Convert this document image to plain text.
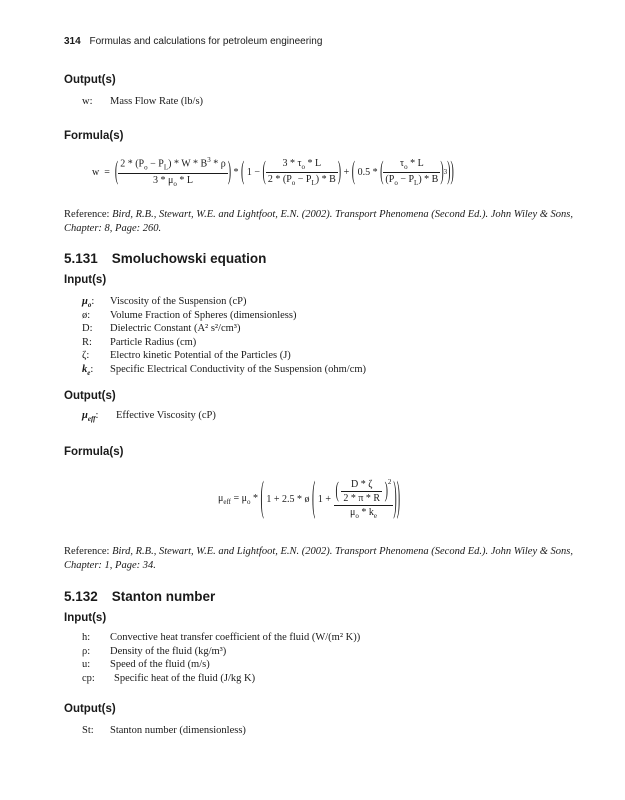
314 Formulas and calculations for petroleum engineering
Output(s)
w: Mass Flow Rate (lb/s)
Formula(s)
w  = ( $\frac{2 * (P_o - P_L) * W * B^3 * \rho}{3 * \mu_o * L}$ ) * ( 1 − ( $\frac{3 * \tau_o * L}{2 * (P_o - P_L) * B}$ ) + ( 0.5 * ( $\frac{\tau_o * L}{(P_o - P_L) * B}$ ) 3 ) )
Reference: Bird, R.B., Stewart, W.E. and Lightfoot, E.N. (2002). Transport Phenomena (Second Ed.). John Wiley & Sons, Chapter: 8, Page: 260.
5.131 Smoluchowski equation
Input(s)
$\mu_o$: Viscosity of the Suspension (cP)
ø: Volume Fraction of Spheres (dimensionless)
D: Dielectric Constant (A² s²/cm³)
R: Particle Radius (cm)
ζ: Electro kinetic Potential of the Particles (J)
$k_e$: Specific Electrical Conductivity of the Suspension (ohm/cm)
Output(s)
$\mu_{eff}$: Effective Viscosity (cP)
Formula(s)
$\mu_{eff} = \mu_o$ * ( 1 + 2.5 * ø ( $1 + \frac{( \frac{D * \zeta}{2 * \pi * R} )^2}{\mu_o * k_e}$ ) )
Reference: Bird, R.B., Stewart, W.E. and Lightfoot, E.N. (2002). Transport Phenomena (Second Ed.). John Wiley & Sons, Chapter: 1, Page: 34.
5.132 Stanton number
Input(s)
h: Convective heat transfer coefficient of the fluid (W/(m² K))
ρ: Density of the fluid (kg/m³)
u: Speed of the fluid (m/s)
cp: Specific heat of the fluid (J/kg K)
Output(s)
St: Stanton number (dimensionless)
